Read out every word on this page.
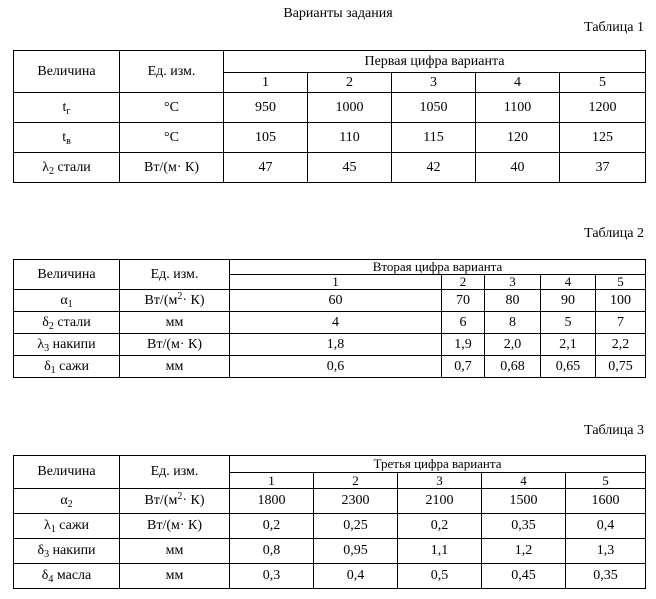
Варианты задания
Таблица 1
Величина	Ед. изм.	Первая цифра варианта				
		1	2	3	4	5
$t_г$	°C	950	1000	1050	1100	1200
$t_в$	°C	105	110	115	120	125
$\lambda_2$ стали	Вт/(м· К)	47	45	42	40	37
Таблица 2
Величина	Ед. изм.	Вторая цифра варианта				
		1	2	3	4	5
$\alpha_1$	$Вт/(м^2\cdot К)$	60	70	80	90	100
$\delta_2$ стали	мм	4	6	8	5	7
$\lambda_3$ накипи	Вт/(м· К)	1,8	1,9	2,0	2,1	2,2
$\delta_1$ сажи	мм	0,6	0,7	0,68	0,65	0,75
Таблица 3
Величина	Ед. изм.	Третья цифра варианта				
		1	2	3	4	5
$\alpha_2$	$Вт/(м^2\cdot К)$	1800	2300	2100	1500	1600
$\lambda_1$ сажи	Вт/(м· К)	0,2	0,25	0,2	0,35	0,4
$\delta_3$ накипи	мм	0,8	0,95	1,1	1,2	1,3
$\delta_4$ масла	мм	0,3	0,4	0,5	0,45	0,35
